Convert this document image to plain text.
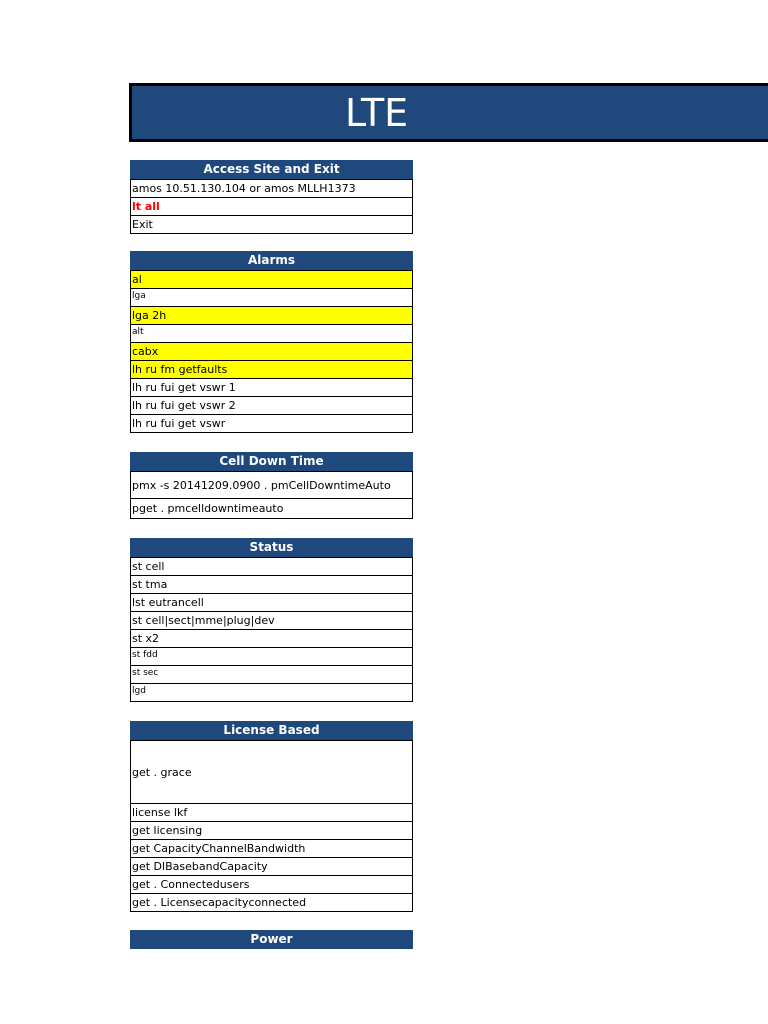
LTE
Access Site and Exit
amos 10.51.130.104 or amos MLLH1373
lt all
Exit
Alarms
al
lga
lga 2h
alt
cabx
lh ru fm getfaults
lh ru fui get vswr 1
lh ru fui get vswr 2
lh ru fui get vswr
Cell Down Time
pmx -s 20141209.0900 . pmCellDowntimeAuto
pget . pmcelldowntimeauto
Status
st cell
st tma
lst eutrancell
st cell|sect|mme|plug|dev
st x2
st fdd
st sec
lgd
License Based
get . grace
license lkf
get licensing
get CapacityChannelBandwidth
get DlBasebandCapacity
get . Connectedusers
get . Licensecapacityconnected
Power
